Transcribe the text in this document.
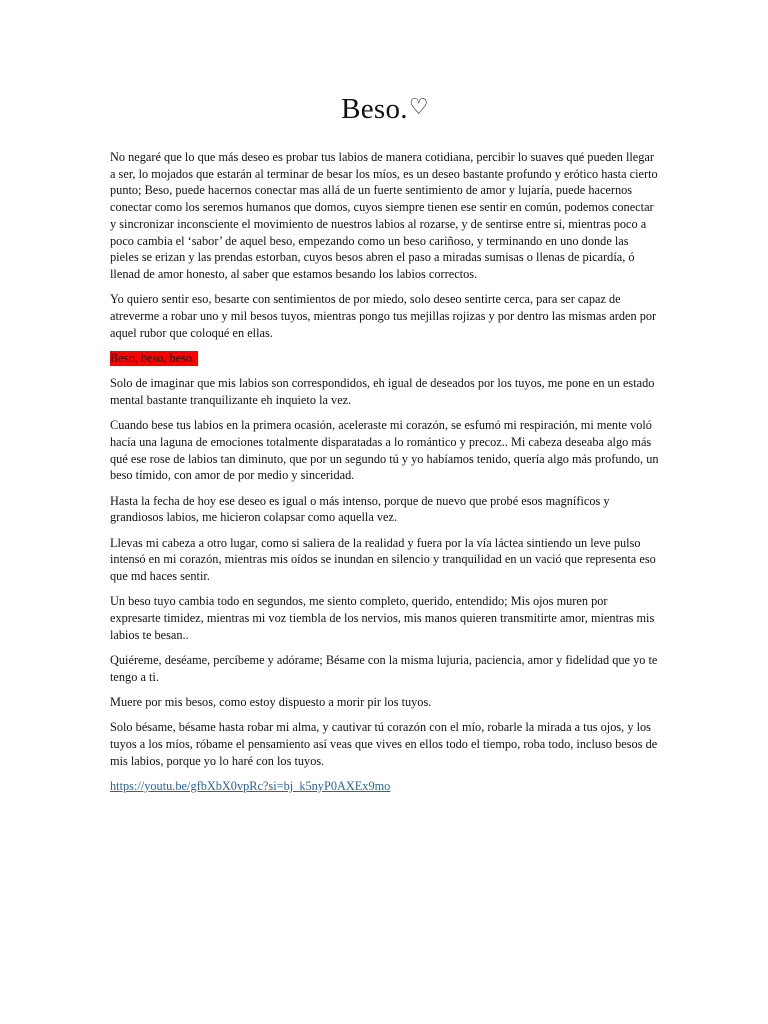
Beso.♡

No negaré que lo que más deseo es probar tus labios de manera cotidiana, percibir lo suaves qué pueden llegar a ser, lo mojados que estarán al terminar de besar los míos, es un deseo bastante profundo y erótico hasta cierto punto; Beso, puede hacernos conectar mas allá de un fuerte sentimiento de amor y lujaría, puede hacernos conectar como los seremos humanos que domos, cuyos siempre tienen ese sentir en común, podemos conectar y sincronizar inconsciente el movimiento de nuestros labios al rozarse, y de sentirse entre si, mientras poco a poco cambia el ‘sabor’ de aquel beso, empezando como un beso cariñoso, y terminando en uno donde las pieles se erizan y las prendas estorban, cuyos besos abren el paso a miradas sumisas o llenas de picardía, ó llenad de amor honesto, al saber que estamos besando los labios correctos.

Yo quiero sentir eso, besarte con sentimientos de por miedo, solo deseo sentirte cerca, para ser capaz de atreverme a robar uno y mil besos tuyos, mientras pongo tus mejillas rojizas y por dentro las mismas arden por aquel rubor que coloqué en ellas.

Beso, beso, beso.

Solo de imaginar que mis labios son correspondidos, eh igual de deseados por los tuyos, me pone en un estado mental bastante tranquilizante eh inquieto la vez.

Cuando bese tus labios en la primera ocasión, aceleraste mi corazón, se esfumó mi respiración, mi mente voló hacía una laguna de emociones totalmente disparatadas a lo romántico y precoz.. Mi cabeza deseaba algo más qué ese rose de labios tan diminuto, que por un segundo tú y yo habíamos tenido, quería algo más profundo, un beso tímido, con amor de por medio y sinceridad.

Hasta la fecha de hoy ese deseo es igual o más intenso, porque de nuevo que probé esos magníficos y grandiosos labios, me hicieron colapsar como aquella vez.

Llevas mi cabeza a otro lugar, como si saliera de la realidad y fuera por la vía láctea sintiendo un leve pulso intensó en mi corazón, mientras mis oídos se inundan en silencio y tranquilidad en un vació que representa eso que md haces sentir.

Un beso tuyo cambia todo en segundos, me siento completo, querido, entendido; Mis ojos muren por expresarte timidez, mientras mi voz tiembla de los nervios, mis manos quieren transmitirte amor, mientras mis labios te besan..

Quiéreme, deséame, percíbeme y adórame; Bésame con la misma lujuria, paciencia, amor y fidelidad que yo te tengo a ti.

Muere por mis besos, como estoy dispuesto a morir pir los tuyos.

Solo bésame, bésame hasta robar mi alma, y cautivar tú corazón con el mío, robarle la mirada a tus ojos, y los tuyos a los míos, róbame el pensamiento así veas que vives en ellos todo el tiempo, roba todo, incluso besos de mis labios, porque yo lo haré con los tuyos.

https://youtu.be/gfbXbX0vpRc?si=bj_k5nyP0AXEx9mo
